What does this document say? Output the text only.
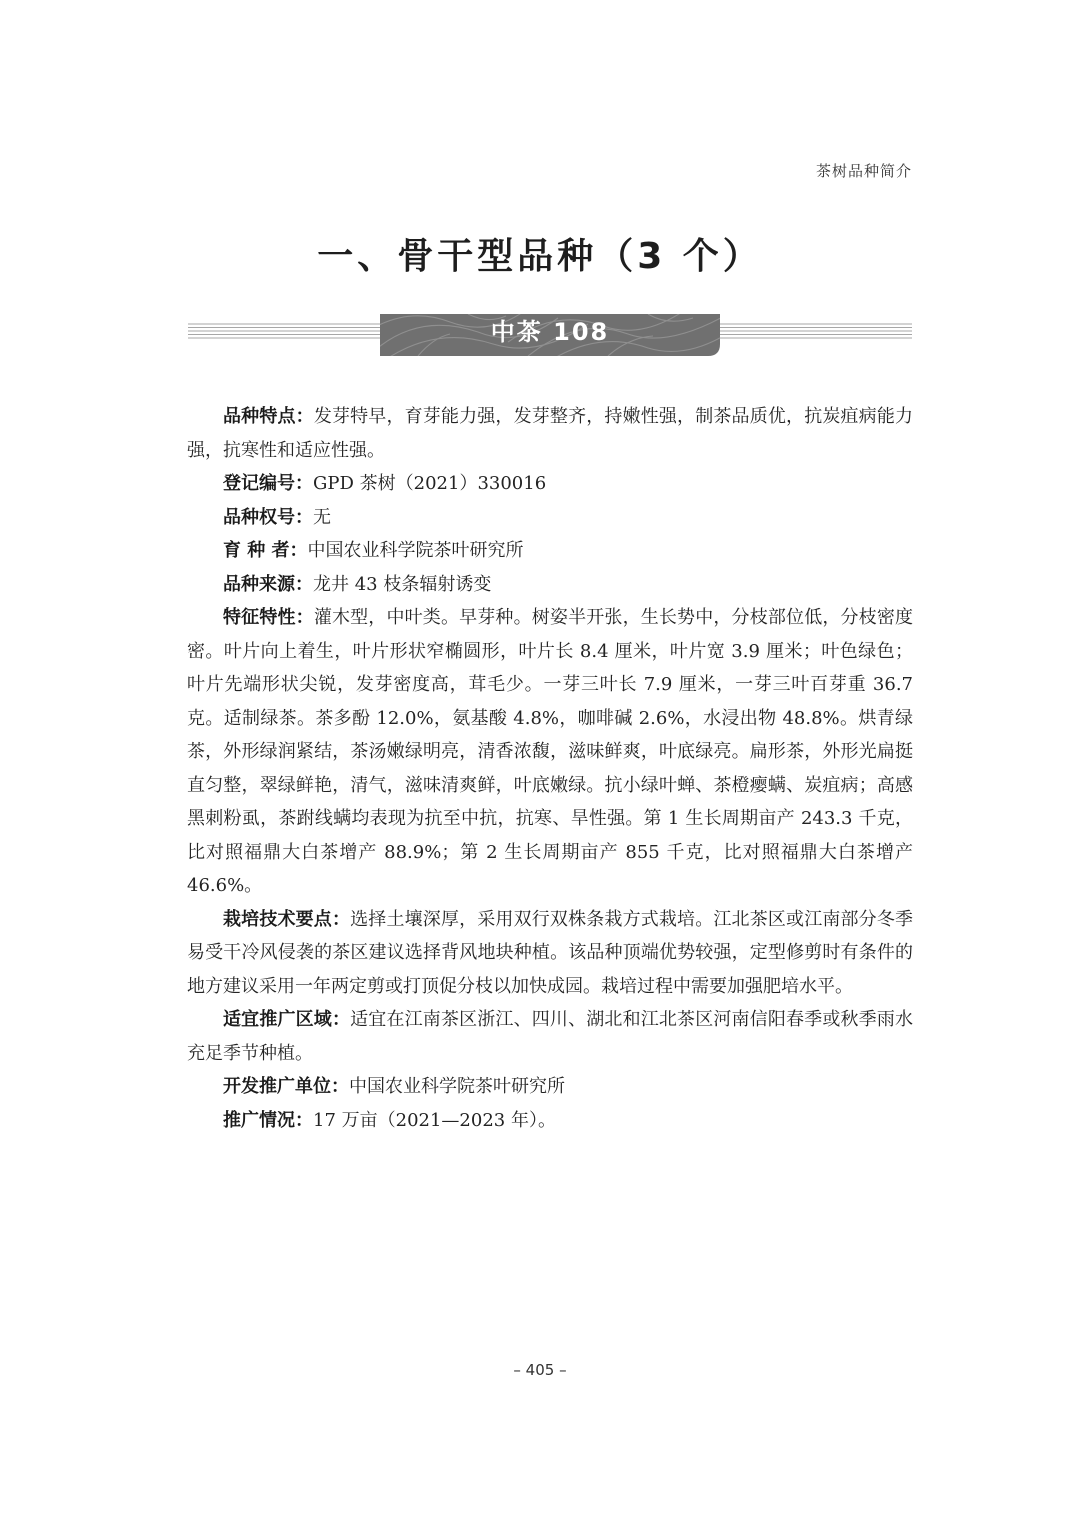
茶树品种简介
一、骨干型品种（3 个）
中茶 108

品种特点：发芽特早，育芽能力强，发芽整齐，持嫩性强，制茶品质优，抗炭疽病能力强，抗寒性和适应性强。

登记编号：GPD 茶树（2021）330016

品种权号：无

育 种 者：中国农业科学院茶叶研究所

品种来源：龙井 43 枝条辐射诱变

特征特性：灌木型，中叶类。早芽种。树姿半开张，生长势中，分枝部位低，分枝密度密。叶片向上着生，叶片形状窄椭圆形，叶片长 8.4 厘米，叶片宽 3.9 厘米；叶色绿色；叶片先端形状尖锐，发芽密度高，茸毛少。一芽三叶长 7.9 厘米，一芽三叶百芽重 36.7 克。适制绿茶。茶多酚 12.0%，氨基酸 4.8%，咖啡碱 2.6%，水浸出物 48.8%。烘青绿茶，外形绿润紧结，茶汤嫩绿明亮，清香浓馥，滋味鲜爽，叶底绿亮。扁形茶，外形光扁挺直匀整，翠绿鲜艳，清气，滋味清爽鲜，叶底嫩绿。抗小绿叶蝉、茶橙瘿螨、炭疽病；高感黑刺粉虱，茶跗线螨均表现为抗至中抗，抗寒、旱性强。第 1 生长周期亩产 243.3 千克，比对照福鼎大白茶增产 88.9%；第 2 生长周期亩产 855 千克，比对照福鼎大白茶增产 46.6%。

栽培技术要点：选择土壤深厚，采用双行双株条栽方式栽培。江北茶区或江南部分冬季易受干冷风侵袭的茶区建议选择背风地块种植。该品种顶端优势较强，定型修剪时有条件的地方建议采用一年两定剪或打顶促分枝以加快成园。栽培过程中需要加强肥培水平。

适宜推广区域：适宜在江南茶区浙江、四川、湖北和江北茶区河南信阳春季或秋季雨水充足季节种植。

开发推广单位：中国农业科学院茶叶研究所

推广情况：17 万亩（2021—2023 年）。

– 405 –
